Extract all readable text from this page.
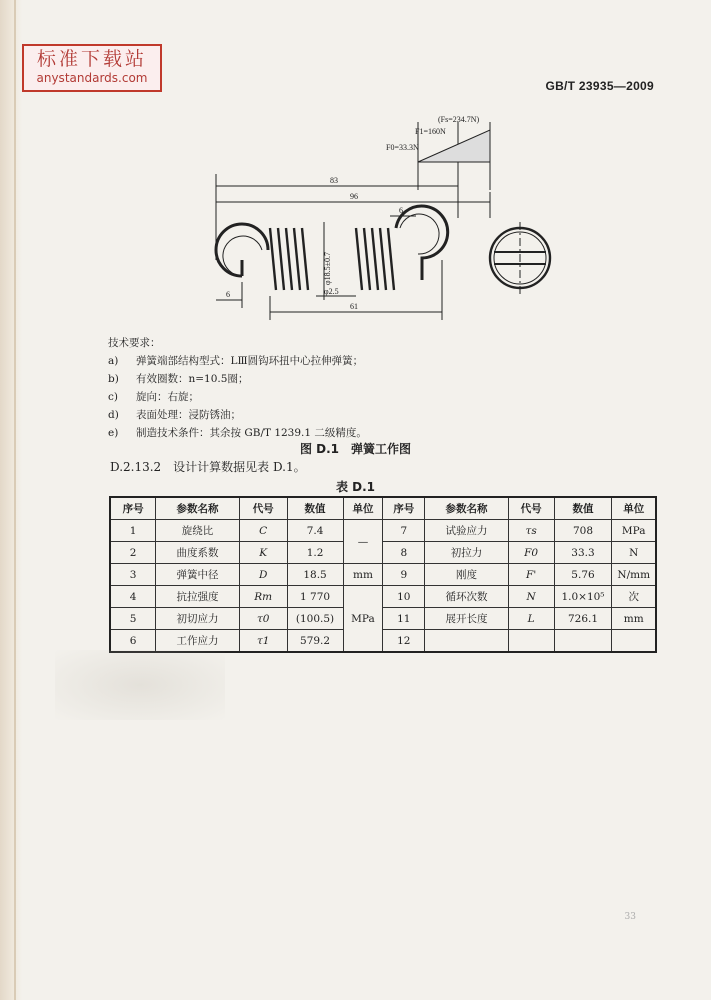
标准下载站
anystandards.com
GB/T 23935—2009
(Fs=234.7N)
F1=160N
F0=33.3N
83
96
6
φ18.5±0.7
φ2.5
6
61
技术要求：
a) 弹簧端部结构型式：LⅢ圆钩环扭中心拉伸弹簧；
b) 有效圈数：n=10.5圈；
c) 旋向：右旋；
d) 表面处理：浸防锈油；
e) 制造技术条件：其余按 GB/T 1239.1 二级精度。
图 D.1　弹簧工作图
D.2.13.2　设计计算数据见表 D.1。
表 D.1
序号	参数名称	代号	数值	单位	序号	参数名称	代号	数值	单位
1	旋绕比	C	7.4	—	7	试验应力	τs	708	MPa
2	曲度系数	K	1.2		8	初拉力	F0	33.3	N
3	弹簧中径	D	18.5	mm	9	刚度	F'	5.76	N/mm
4	抗拉强度	Rm	1 770	MPa	10	循环次数	N	1.0×10⁵	次
5	初切应力	τ0	(100.5)		11	展开长度	L	726.1	mm
6	工作应力	τ1	579.2		12				
33
